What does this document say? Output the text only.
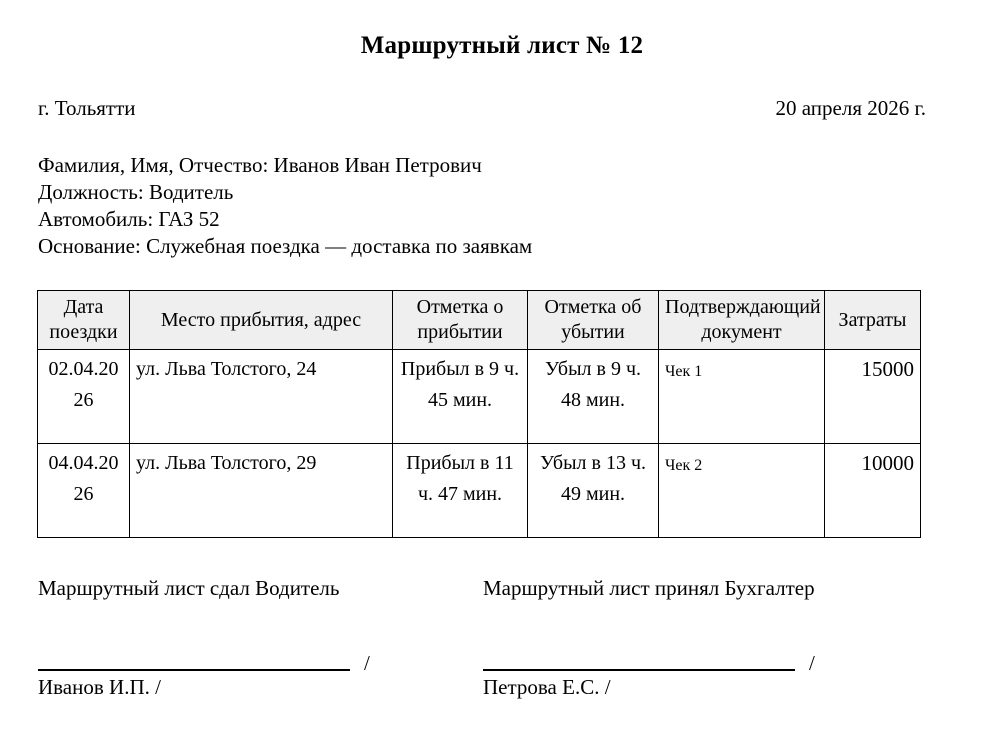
Маршрутный лист № 12
г. Тольятти	20 апреля 2026 г.
Фамилия, Имя, Отчество: Иванов Иван Петрович
Должность: Водитель
Автомобиль: ГАЗ 52
Основание: Служебная поездка — доставка по заявкам
Дата поездки	Место прибытия, адрес	Отметка о прибытии	Отметка об убытии	Подтверждающий документ	Затраты
02.04.2026	ул. Льва Толстого, 24	Прибыл в 9 ч. 45 мин.	Убыл в 9 ч. 48 мин.	Чек 1	15000
04.04.2026	ул. Льва Толстого, 29	Прибыл в 11 ч. 47 мин.	Убыл в 13 ч. 49 мин.	Чек 2	10000
Маршрутный лист сдал Водитель
/
Иванов И.П. /
Маршрутный лист принял Бухгалтер
/
Петрова Е.С. /
